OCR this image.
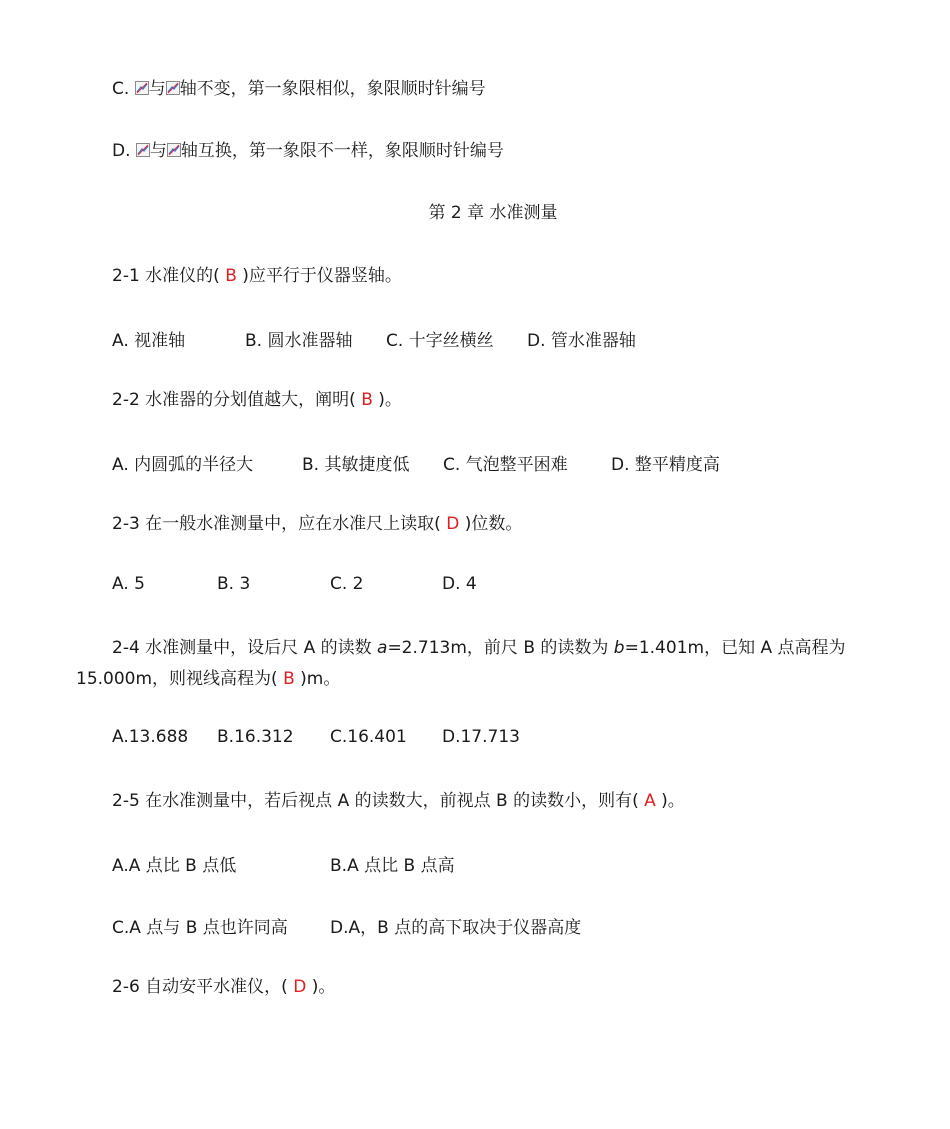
C.
与 轴不变，第一象限相似，象限顺时针编号
D.
与 轴互换，第一象限不一样，象限顺时针编号
第 2 章 水准测量
2-1 水准仪的( B )应平行于仪器竖轴。
A. 视准轴	B. 圆水准器轴 C. 十字丝横丝 D. 管水准器轴
2-2 水准器的分划值越大，阐明( B )。
A. 内圆弧的半径大	B. 其敏捷度低 C. 气泡整平困难	D. 整平精度高
2-3 在一般水准测量中，应在水准尺上读取( D )位数。
A. 5	B. 3	C. 2	D. 4
2-4 水准测量中，设后尺 A 的读数 a=2.713m，前尺 B 的读数为 b=1.401m，已知 A 点高程为 15.000m，则视线高程为( B )m。
A.13.688 B.16.312 C.16.401 D.17.713
2-5 在水准测量中，若后视点 A 的读数大，前视点 B 的读数小，则有( A )。
A.A 点比 B 点低	B.A 点比 B 点高
C.A 点与 B 点也许同高 D.A，B 点的高下取决于仪器高度
2-6 自动安平水准仪，( D )。
